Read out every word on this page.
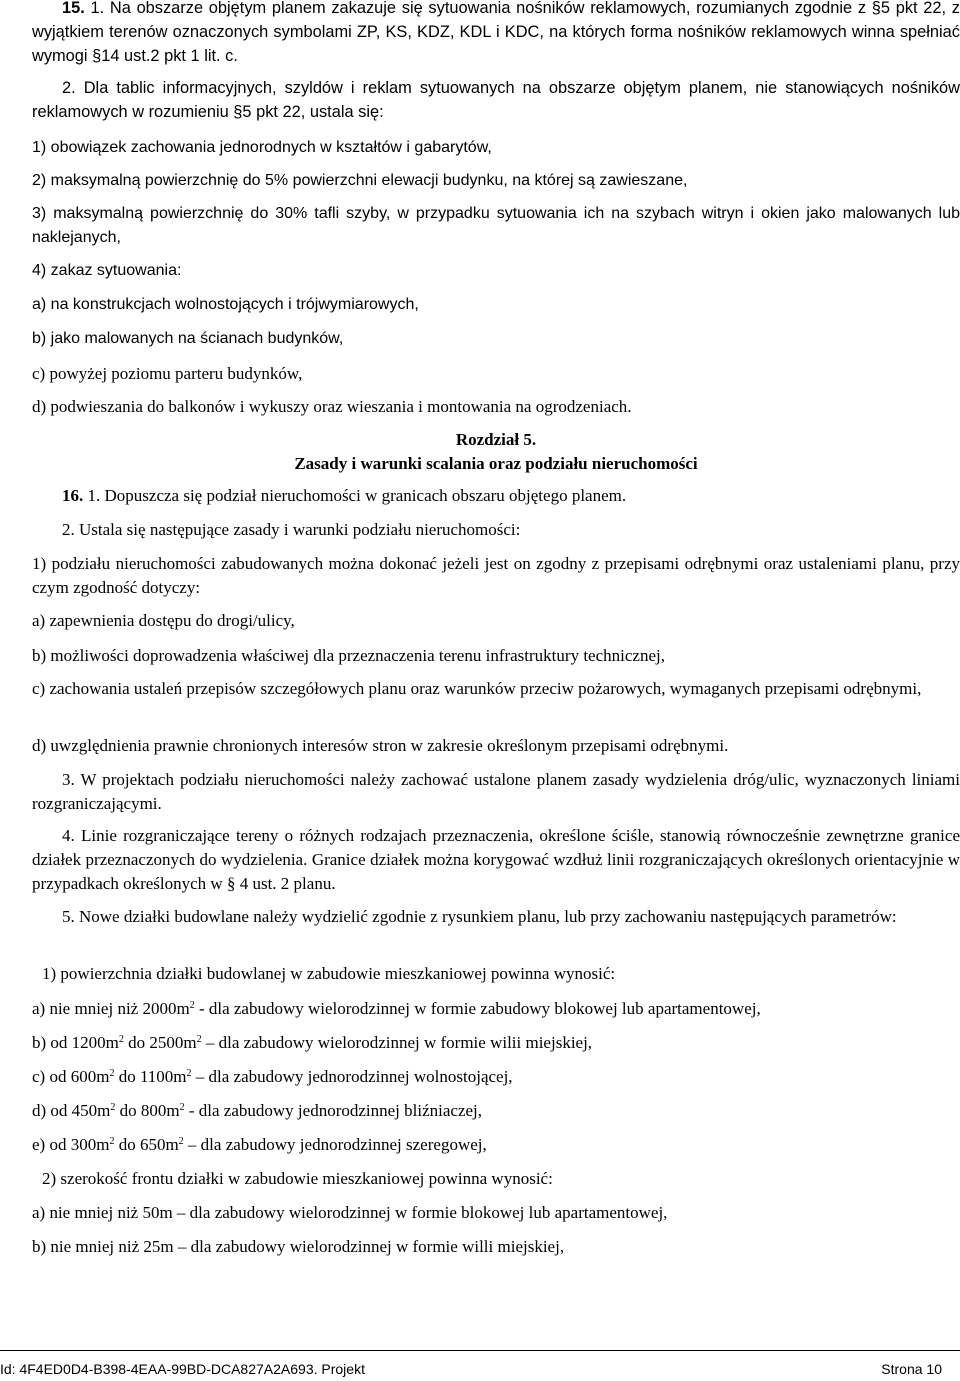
15. 1. Na obszarze objętym planem zakazuje się sytuowania nośników reklamowych, rozumianych zgodnie z §5 pkt 22, z wyjątkiem terenów oznaczonych symbolami ZP, KS, KDZ, KDL i KDC, na których forma nośników reklamowych winna spełniać wymogi §14 ust.2 pkt 1 lit. c.
2. Dla tablic informacyjnych, szyldów i reklam sytuowanych na obszarze objętym planem, nie stanowiących nośników reklamowych w rozumieniu §5 pkt 22, ustala się:
1) obowiązek zachowania jednorodnych w kształtów i gabarytów,
2) maksymalną powierzchnię do 5% powierzchni elewacji budynku, na której są zawieszane,
3) maksymalną powierzchnię do 30% tafli szyby, w przypadku sytuowania ich na szybach witryn i okien jako malowanych lub naklejanych,
4) zakaz sytuowania:
a) na konstrukcjach wolnostojących i trójwymiarowych,
b) jako malowanych na ścianach budynków,
c) powyżej poziomu parteru budynków,
d) podwieszania do balkonów i wykuszy oraz wieszania i montowania na ogrodzeniach.
Rozdział 5.
Zasady i warunki scalania oraz podziału nieruchomości
16. 1. Dopuszcza się podział nieruchomości w granicach obszaru objętego planem.
2. Ustala się następujące zasady i warunki podziału nieruchomości:
1) podziału nieruchomości zabudowanych można dokonać jeżeli jest on zgodny z przepisami odrębnymi oraz ustaleniami planu, przy czym zgodność dotyczy:
a) zapewnienia dostępu do drogi/ulicy,
b) możliwości doprowadzenia właściwej dla przeznaczenia terenu infrastruktury technicznej,
c) zachowania ustaleń przepisów szczegółowych planu oraz warunków przeciw pożarowych, wymaganych przepisami odrębnymi,
d) uwzględnienia prawnie chronionych interesów stron w zakresie określonym przepisami odrębnymi.
3. W projektach podziału nieruchomości należy zachować ustalone planem zasady wydzielenia dróg/ulic, wyznaczonych liniami rozgraniczającymi.
4. Linie rozgraniczające tereny o różnych rodzajach przeznaczenia, określone ściśle, stanowią równocześnie zewnętrzne granice działek przeznaczonych do wydzielenia. Granice działek można korygować wzdłuż linii rozgraniczających określonych orientacyjnie w przypadkach określonych w § 4 ust. 2 planu.
5. Nowe działki budowlane należy wydzielić zgodnie z rysunkiem planu, lub przy zachowaniu następujących parametrów:
1) powierzchnia działki budowlanej w zabudowie mieszkaniowej powinna wynosić:
a) nie mniej niż $2000m^2$ - dla zabudowy wielorodzinnej w formie zabudowy blokowej lub apartamentowej,
b) od $1200m^2$ do $2500m^2$ – dla zabudowy wielorodzinnej w formie wilii miejskiej,
c) od $600m^2$ do $1100m^2$ – dla zabudowy jednorodzinnej wolnostojącej,
d) od $450m^2$ do $800m^2$ - dla zabudowy jednorodzinnej bliźniaczej,
e) od $300m^2$ do $650m^2$ – dla zabudowy jednorodzinnej szeregowej,
2) szerokość frontu działki w zabudowie mieszkaniowej powinna wynosić:
a) nie mniej niż 50m – dla zabudowy wielorodzinnej w formie blokowej lub apartamentowej,
b) nie mniej niż 25m – dla zabudowy wielorodzinnej w formie willi miejskiej,
Id: 4F4ED0D4-B398-4EAA-99BD-DCA827A2A693. Projekt	Strona 10
